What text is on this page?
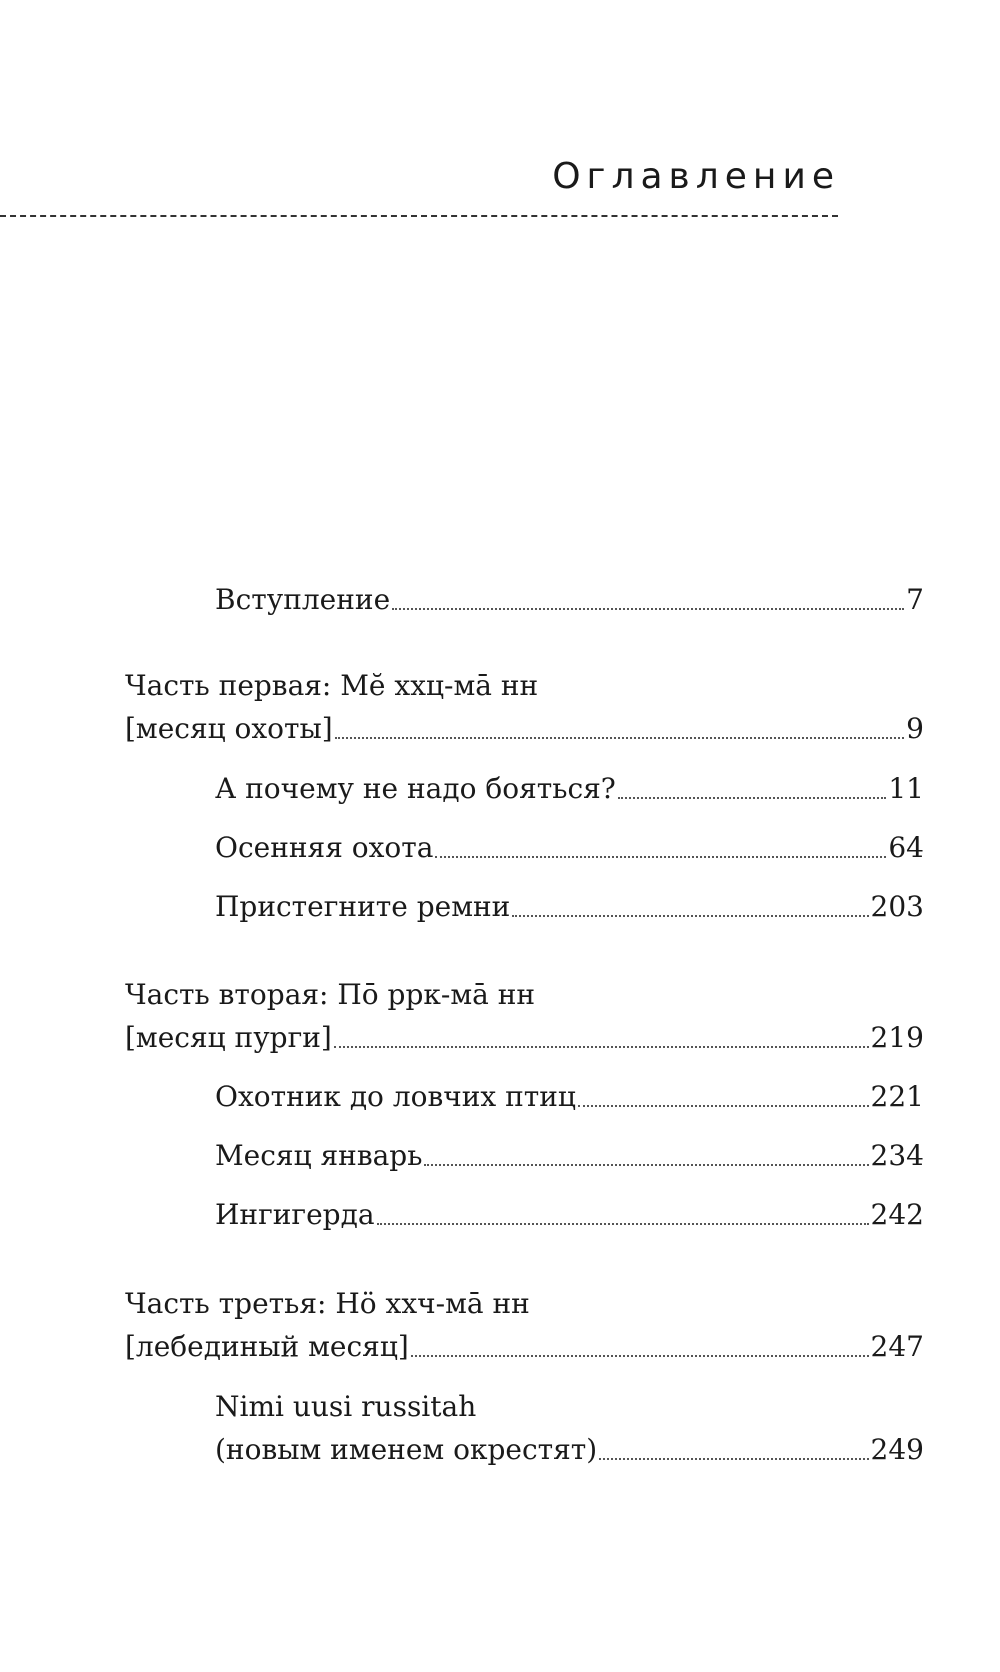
Оглавление
Вступление	7
Часть первая: Мӗ ххц-мā нн
[месяц охоты]	9
А почему не надо бояться?	11
Осенняя охота	64
Пристегните ремни	203
Часть вторая: Пō ррк-мā нн
[месяц пурги]	219
Охотник до ловчих птиц	221
Месяц январь	234
Ингигерда	242
Часть третья: Нӧ ххч-мā нн
[лебединый месяц]	247
Nimi uusi russitah
(новым именем окрестят)	249
